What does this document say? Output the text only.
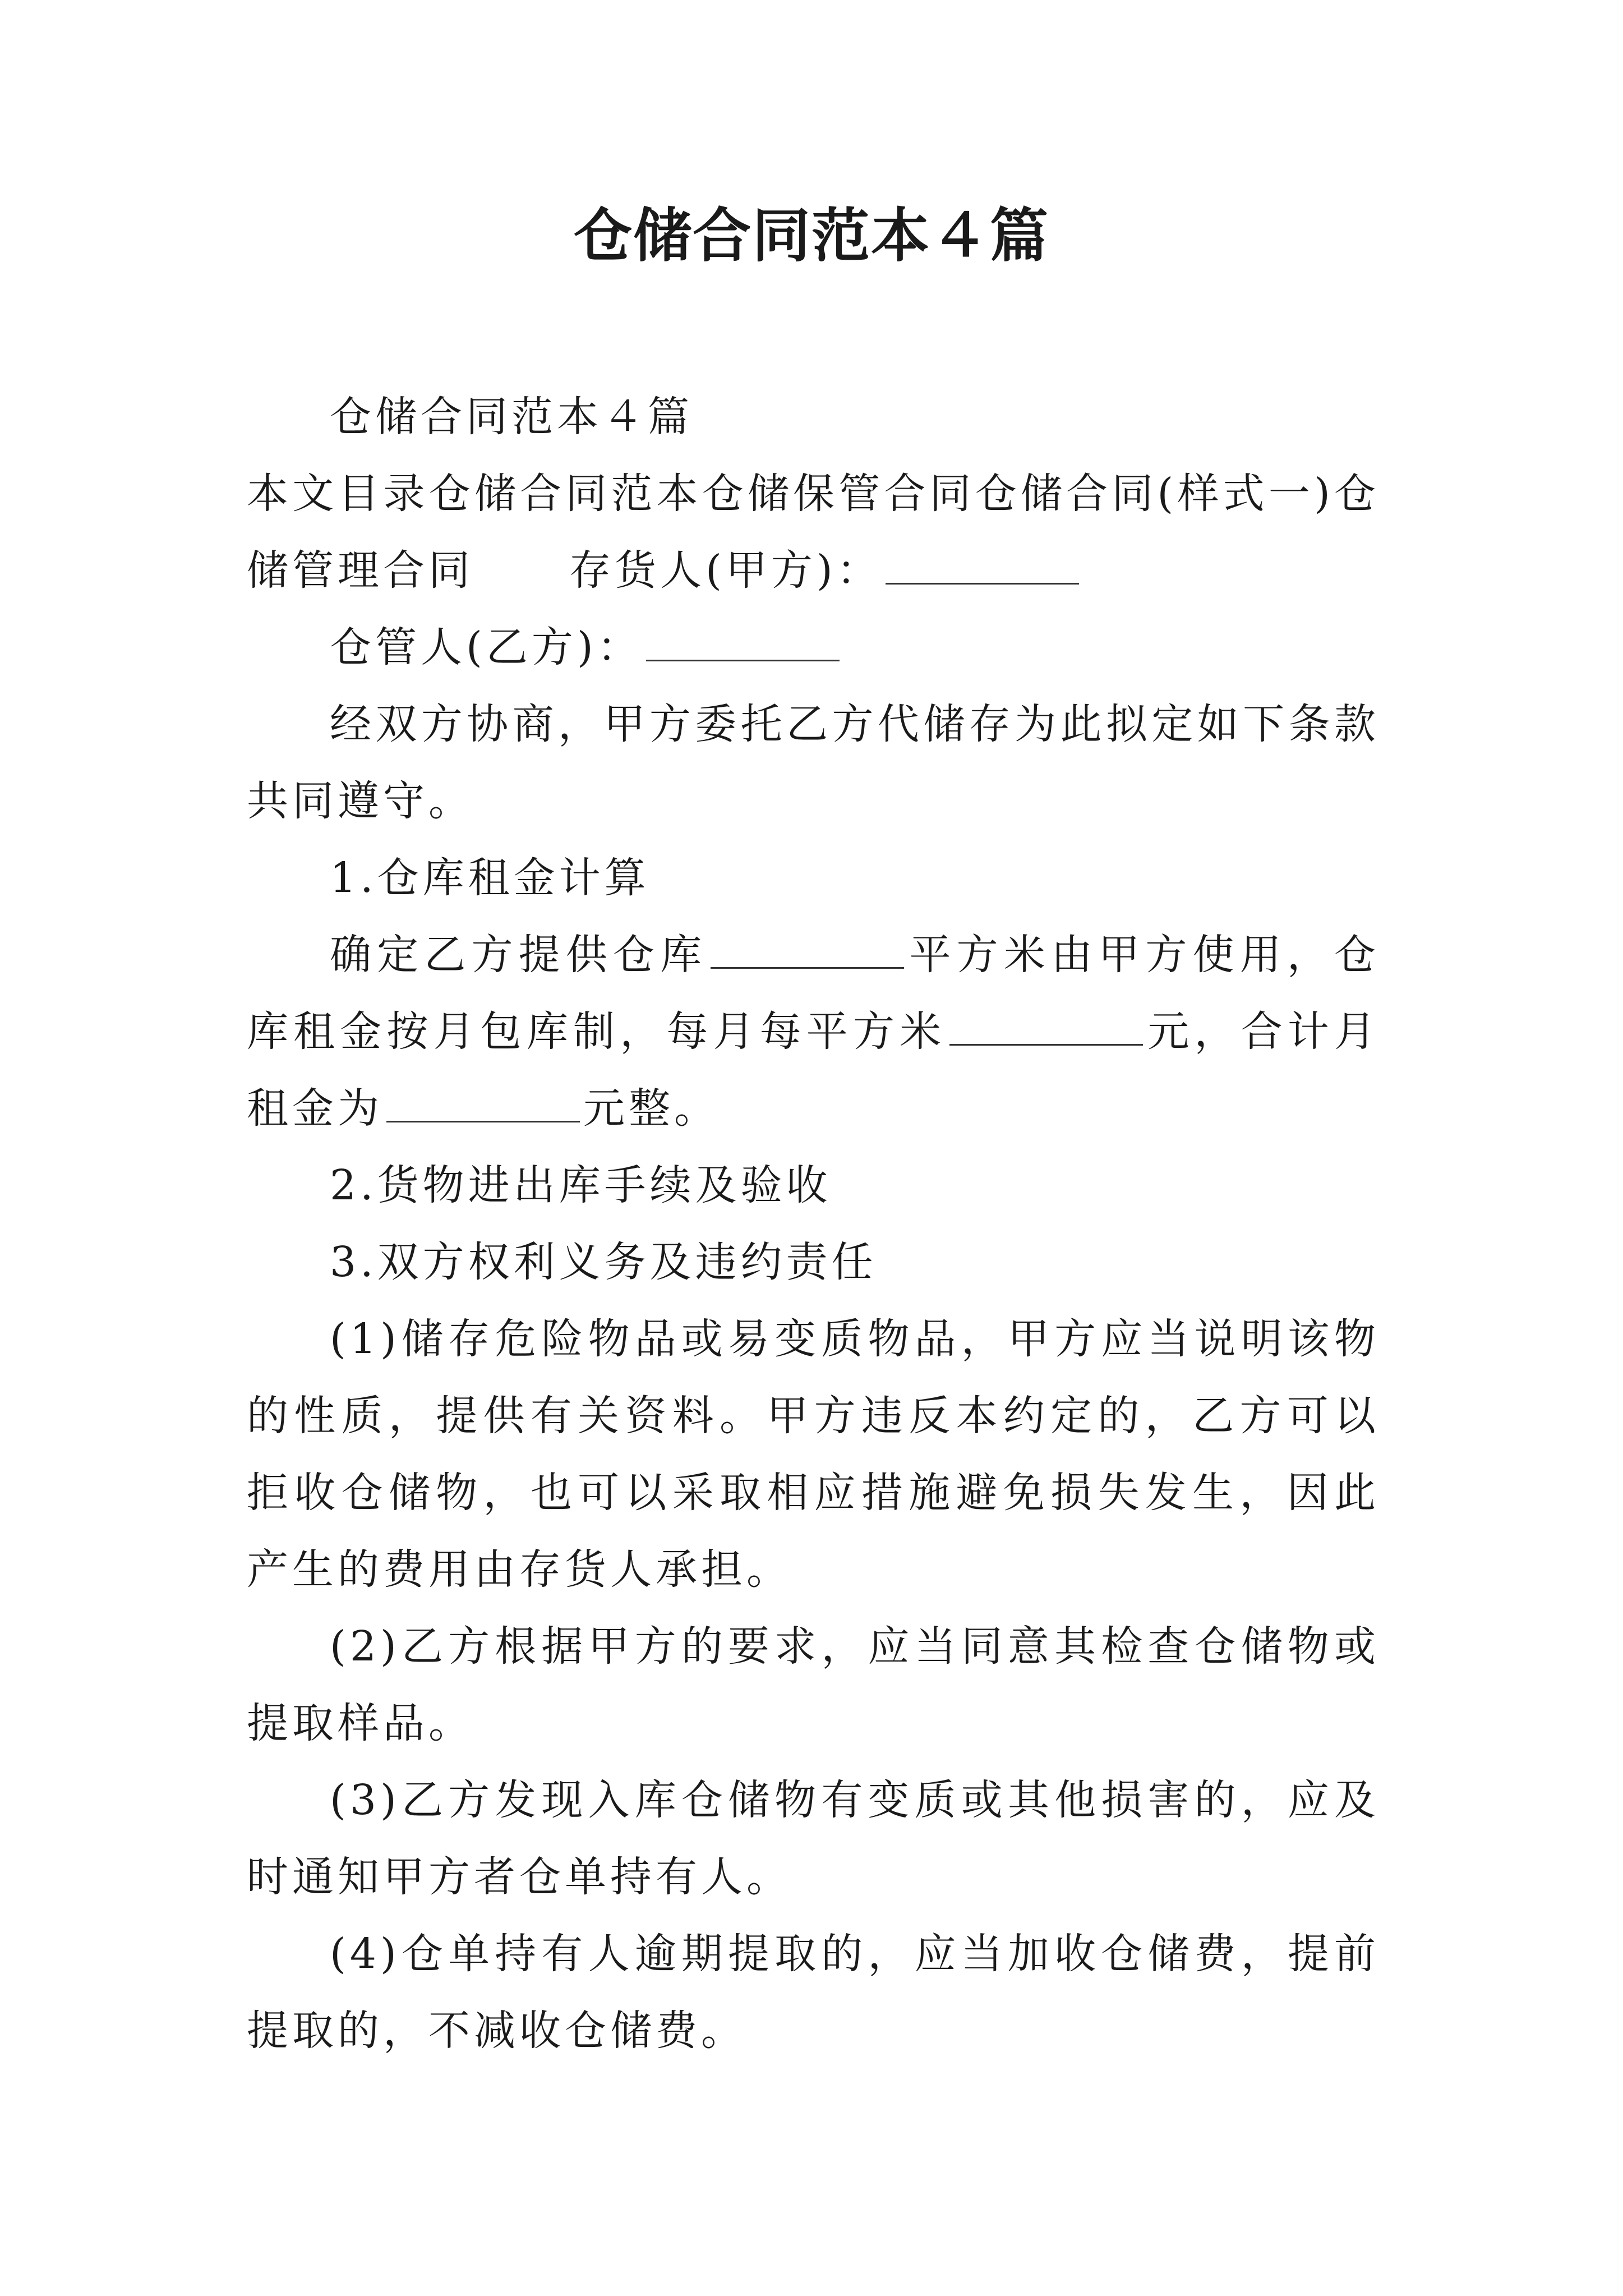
仓储合同范本４篇

仓储合同范本４篇

本文目录仓储合同范本仓储保管合同仓储合同(样式一)仓储管理合同 存货人(甲方)：

仓管人(乙方)：

经双方协商，甲方委托乙方代储存为此拟定如下条款共同遵守。

1.仓库租金计算

确定乙方提供仓库	平方米由甲方使用，仓库租金按月包库制，每月每平方米	元，合计月租金为	元整。

2.货物进出库手续及验收

3.双方权利义务及违约责任

(1)储存危险物品或易变质物品，甲方应当说明该物的性质，提供有关资料。甲方违反本约定的，乙方可以拒收仓储物，也可以采取相应措施避免损失发生，因此产生的费用由存货人承担。

(2)乙方根据甲方的要求，应当同意其检查仓储物或提取样品。

(3)乙方发现入库仓储物有变质或其他损害的，应及时通知甲方者仓单持有人。

(4)仓单持有人逾期提取的，应当加收仓储费，提前提取的，不减收仓储费。
